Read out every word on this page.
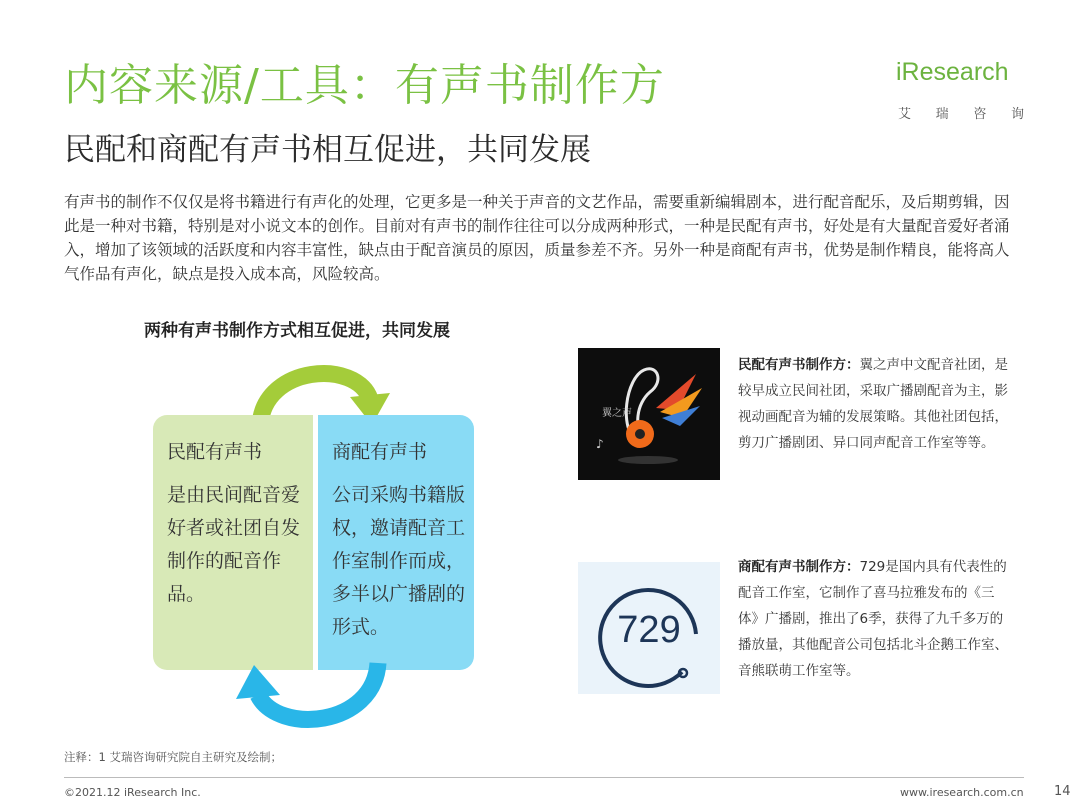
内容来源/工具：有声书制作方
民配和商配有声书相互促进，共同发展
iResearch
艾 瑞 咨 询
有声书的制作不仅仅是将书籍进行有声化的处理，它更多是一种关于声音的文艺作品，需要重新编辑剧本，进行配音配乐，及后期剪辑，因此是一种对书籍，特别是对小说文本的创作。目前对有声书的制作往往可以分成两种形式，一种是民配有声书，好处是有大量配音爱好者涌入，增加了该领域的活跃度和内容丰富性，缺点由于配音演员的原因，质量参差不齐。另外一种是商配有声书，优势是制作精良，能将高人气作品有声化，缺点是投入成本高，风险较高。
两种有声书制作方式相互促进，共同发展
民配有声书
是由民间配音爱好者或社团自发制作的配音作品。
商配有声书
公司采购书籍版权，邀请配音工作室制作而成，多半以广播剧的形式。
翼之声
♪
民配有声书制作方：翼之声中文配音社团，是较早成立民间社团，采取广播剧配音为主，影视动画配音为辅的发展策略。其他社团包括，剪刀广播剧团、异口同声配音工作室等等。
729
商配有声书制作方：729是国内具有代表性的配音工作室，它制作了喜马拉雅发布的《三体》广播剧，推出了6季，获得了九千多万的播放量，其他配音公司包括北斗企鹅工作室、音熊联萌工作室等。
注释：1 艾瑞咨询研究院自主研究及绘制；
©2021.12 iResearch Inc.	www.iresearch.com.cn 14
